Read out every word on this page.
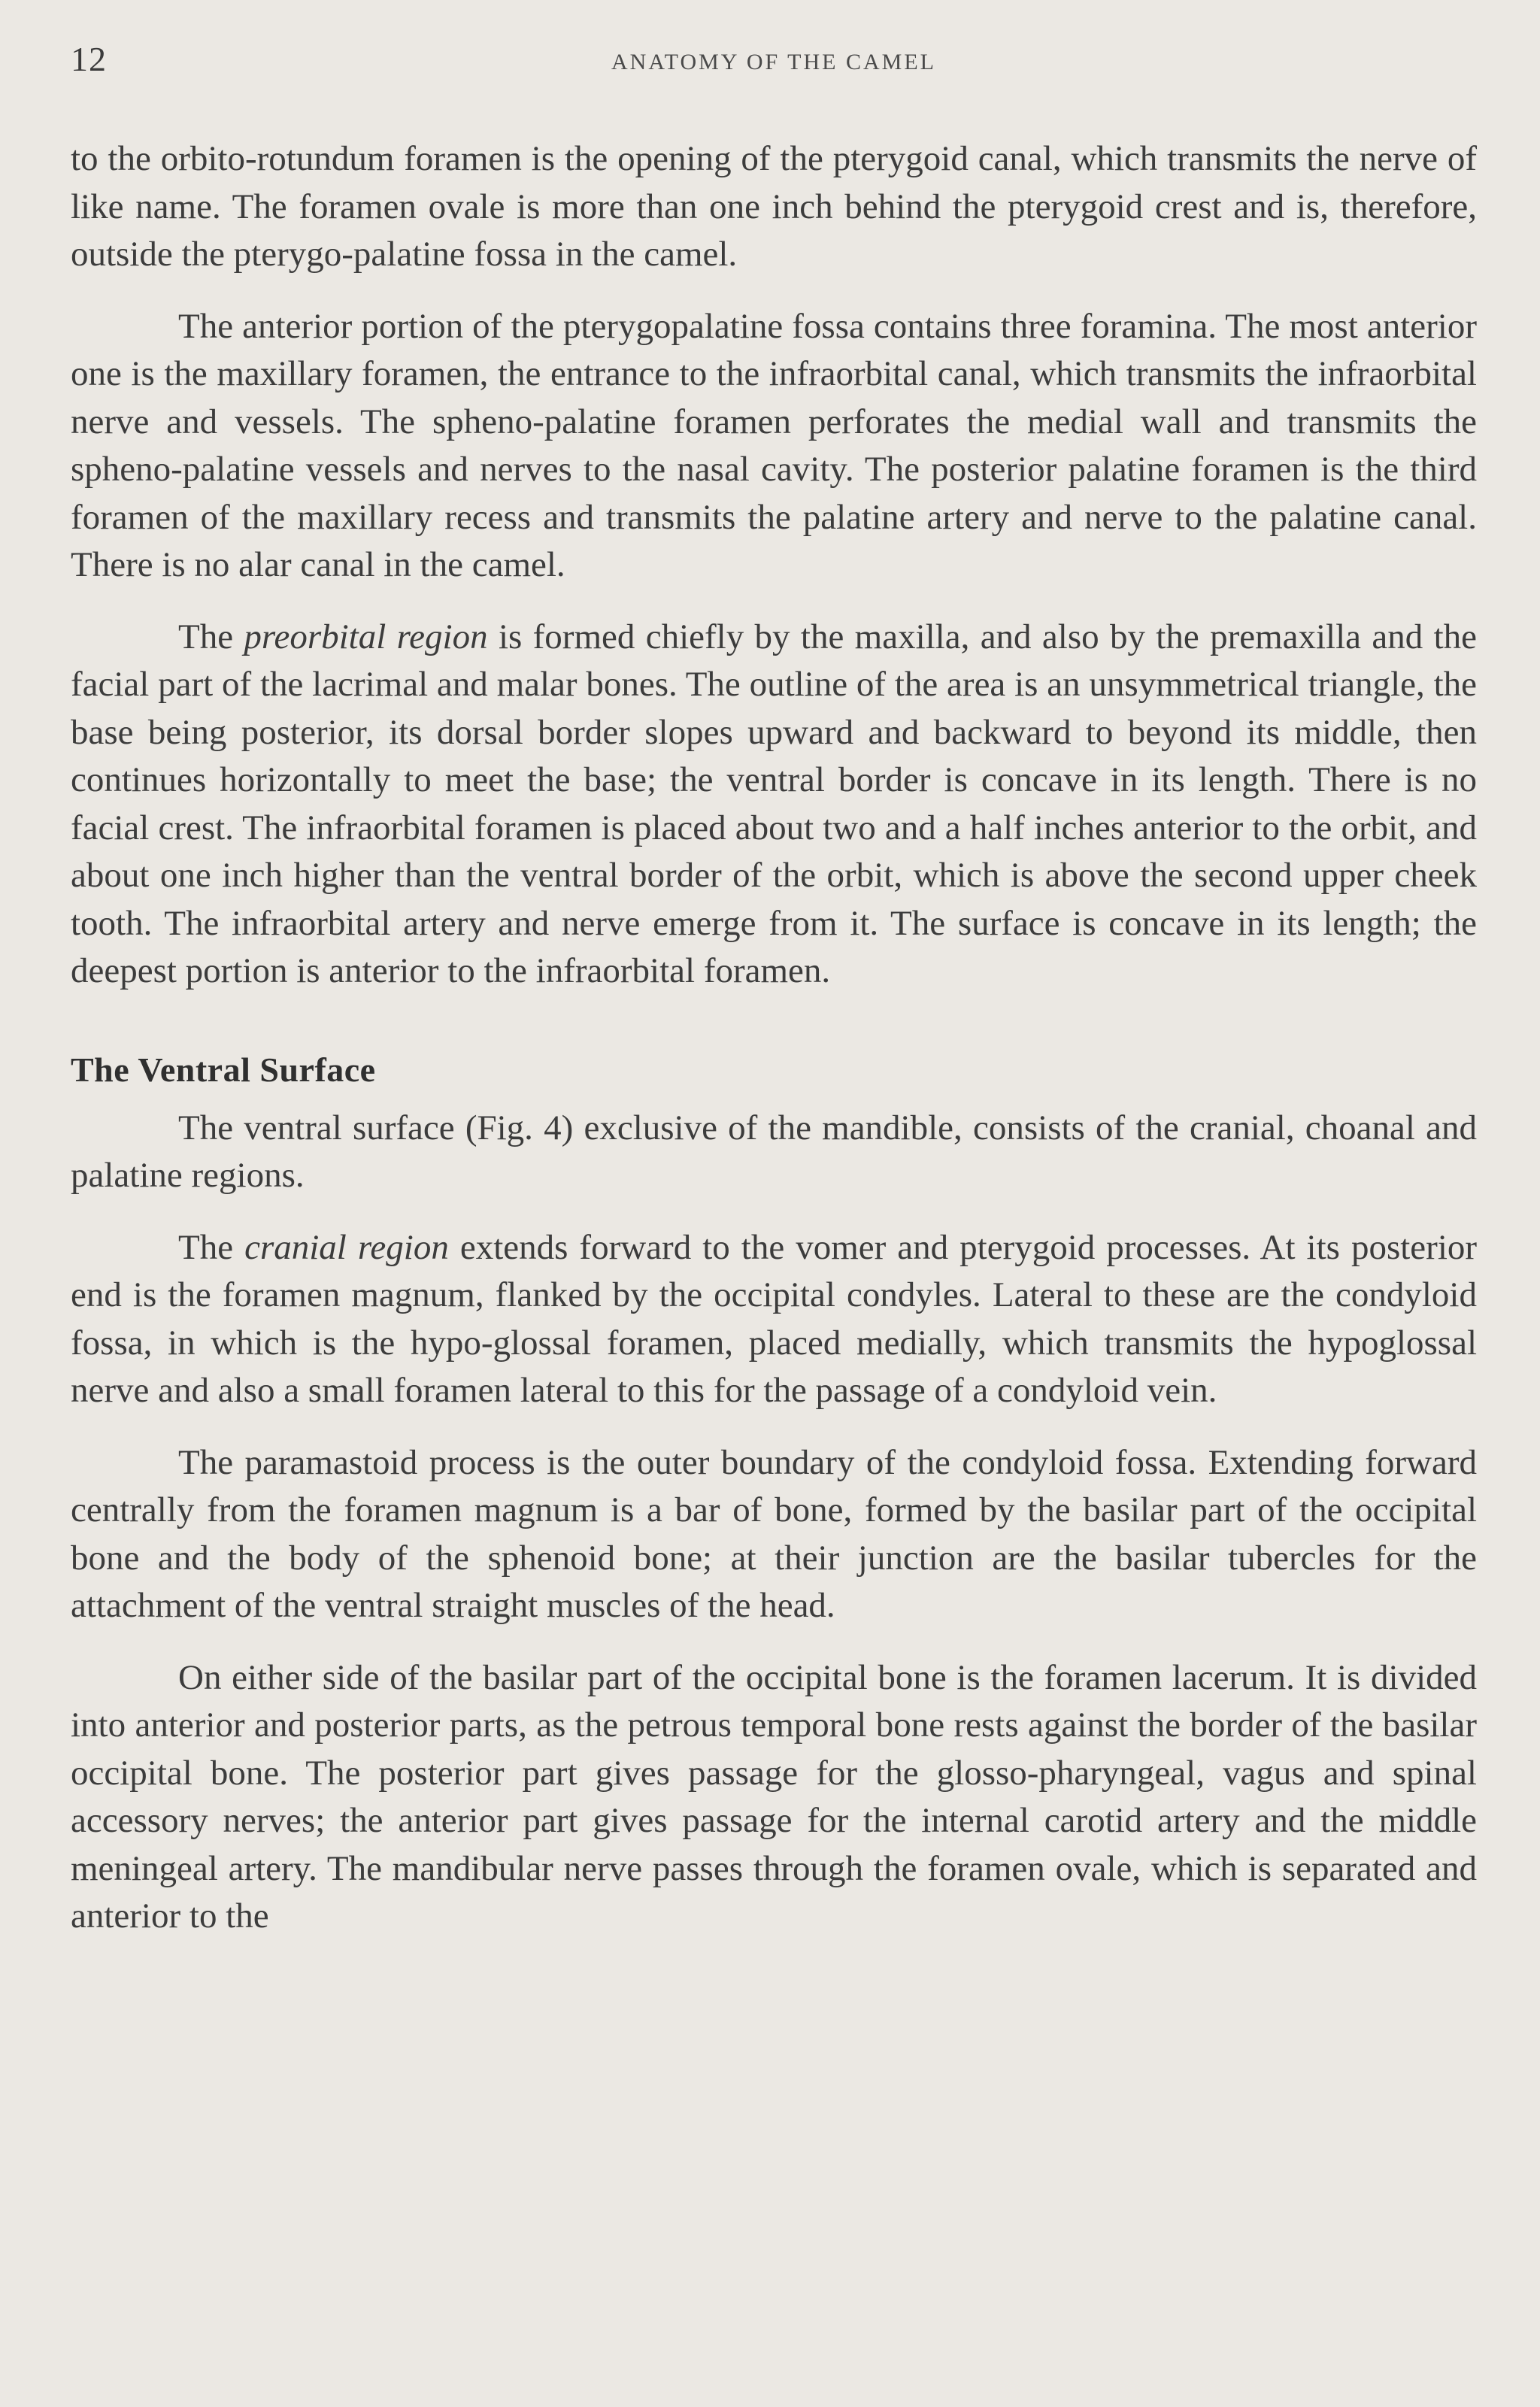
12	ANATOMY OF THE CAMEL

to the orbito-rotundum foramen is the opening of the pterygoid canal, which transmits the nerve of like name. The foramen ovale is more than one inch behind the pterygoid crest and is, therefore, outside the pterygo-palatine fossa in the camel.

The anterior portion of the pterygopalatine fossa contains three foramina. The most anterior one is the maxillary foramen, the entrance to the infraorbital canal, which transmits the infraorbital nerve and vessels. The spheno-palatine foramen perforates the medial wall and transmits the spheno-palatine vessels and nerves to the nasal cavity. The posterior palatine foramen is the third foramen of the maxillary recess and transmits the palatine artery and nerve to the palatine canal. There is no alar canal in the camel.

The preorbital region is formed chiefly by the maxilla, and also by the premaxilla and the facial part of the lacrimal and malar bones. The outline of the area is an unsymmetrical triangle, the base being posterior, its dorsal border slopes upward and backward to beyond its middle, then continues horizontally to meet the base; the ventral border is concave in its length. There is no facial crest. The infraorbital foramen is placed about two and a half inches anterior to the orbit, and about one inch higher than the ventral border of the orbit, which is above the second upper cheek tooth. The infraorbital artery and nerve emerge from it. The surface is concave in its length; the deepest portion is anterior to the infraorbital foramen.

The Ventral Surface

The ventral surface (Fig. 4) exclusive of the mandible, consists of the cranial, choanal and palatine regions.

The cranial region extends forward to the vomer and pterygoid processes. At its posterior end is the foramen magnum, flanked by the occipital condyles. Lateral to these are the condyloid fossa, in which is the hypo-glossal foramen, placed medially, which transmits the hypoglossal nerve and also a small foramen lateral to this for the passage of a condyloid vein.

The paramastoid process is the outer boundary of the condyloid fossa. Extending forward centrally from the foramen magnum is a bar of bone, formed by the basilar part of the occipital bone and the body of the sphenoid bone; at their junction are the basilar tubercles for the attachment of the ventral straight muscles of the head.

On either side of the basilar part of the occipital bone is the foramen lacerum. It is divided into anterior and posterior parts, as the petrous temporal bone rests against the border of the basilar occipital bone. The posterior part gives passage for the glosso-pharyngeal, vagus and spinal accessory nerves; the anterior part gives passage for the internal carotid artery and the middle meningeal artery. The mandibular nerve passes through the foramen ovale, which is separated and anterior to the
